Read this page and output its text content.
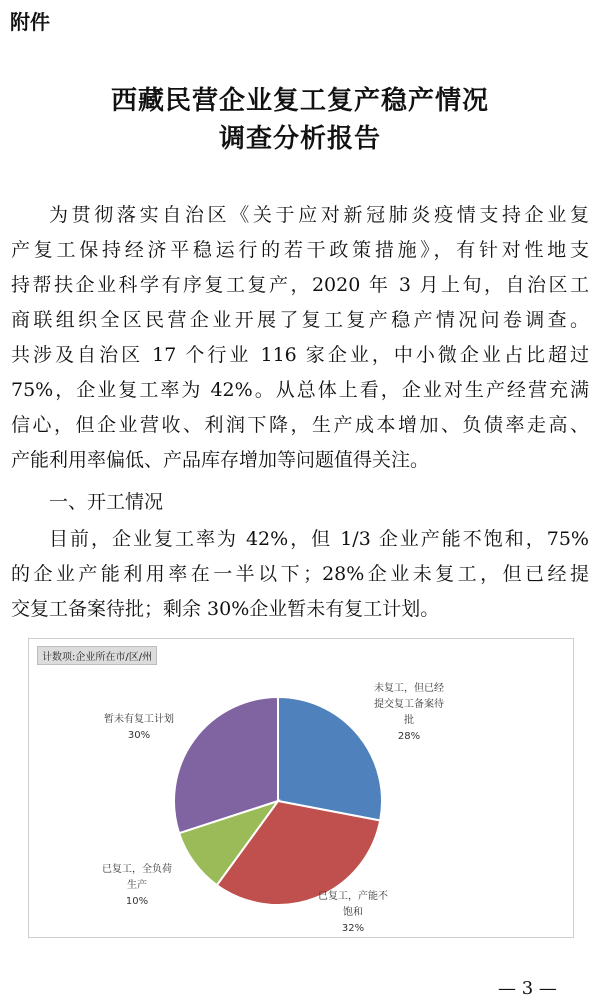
附件
西藏民营企业复工复产稳产情况
调查分析报告
为贯彻落实自治区《关于应对新冠肺炎疫情支持企业复
产复工保持经济平稳运行的若干政策措施》，有针对性地支
持帮扶企业科学有序复工复产，2020 年 3 月上旬，自治区工
商联组织全区民营企业开展了复工复产稳产情况问卷调查。
共涉及自治区 17 个行业 116 家企业，中小微企业占比超过
75%，企业复工率为 42%。从总体上看，企业对生产经营充满
信心，但企业营收、利润下降，生产成本增加、负债率走高、
产能利用率偏低、产品库存增加等问题值得关注。
一、开工情况
目前，企业复工率为 42%，但 1/3 企业产能不饱和，75%
的企业产能利用率在一半以下；28%企业未复工，但已经提
交复工备案待批；剩余 30%企业暂未有复工计划。
计数项:企业所在市/区/州
未复工，但已经提交复工备案待批 28%
已复工，产能不饱和 32%
已复工，全负荷生产 10%
暂未有复工计划 30%
— 3 —
